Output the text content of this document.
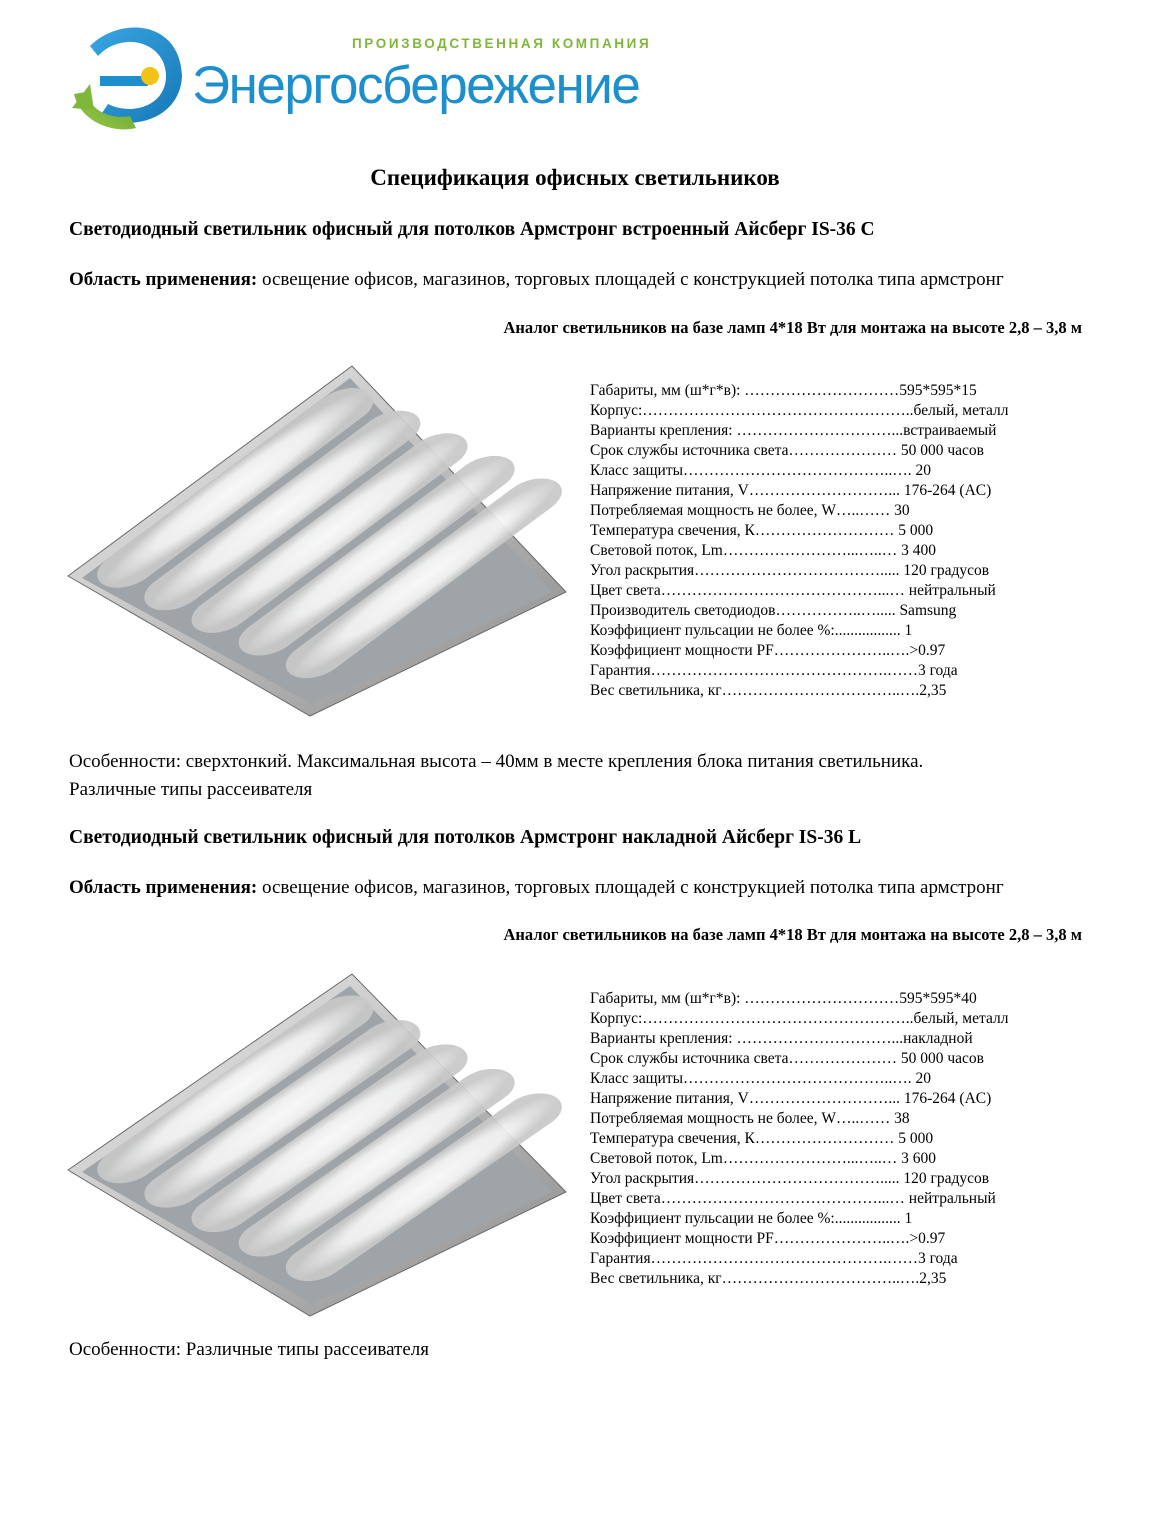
ПРОИЗВОДСТВЕННАЯ КОМПАНИЯ
Энергосбережение
Спецификация офисных светильников
Светодиодный светильник офисный для потолков Армстронг встроенный Айсберг IS-36 C
Область применения: освещение офисов, магазинов, торговых площадей с конструкцией потолка типа армстронг
Аналог светильников на базе ламп 4*18 Вт для монтажа на высоте 2,8 – 3,8 м
Габариты, мм (ш*г*в): …………………………595*595*15
Корпус:……………………………………………..белый, металл
Варианты крепления: …………………………...встраиваемый
Срок службы источника света………………… 50 000 часов
Класс защиты…………………………………..…. 20
Напряжение питания, V………………………... 176-264 (AC)
Потребляемая мощность не более, W…..…… 30
Температура свечения, К……………………… 5 000
Световой поток, Lm……………………...…..… 3 400
Угол раскрытия………………………………..... 120 градусов
Цвет света……………………………………...… нейтральный
Производитель светодиодов……………..…..... Samsung
Коэффициент пульсации не более %:................. 1
Коэффициент мощности PF…………………..….>0.97
Гарантия……………………………………….……3 года
Вес светильника, кг……………………………..….2,35
Особенности: сверхтонкий. Максимальная высота – 40мм в месте крепления блока питания светильника.
Различные типы рассеивателя
Светодиодный светильник офисный для потолков Армстронг накладной Айсберг IS-36 L
Область применения: освещение офисов, магазинов, торговых площадей с конструкцией потолка типа армстронг
Аналог светильников на базе ламп 4*18 Вт для монтажа на высоте 2,8 – 3,8 м
Габариты, мм (ш*г*в): …………………………595*595*40
Корпус:……………………………………………..белый, металл
Варианты крепления: …………………………...накладной
Срок службы источника света………………… 50 000 часов
Класс защиты…………………………………..…. 20
Напряжение питания, V………………………... 176-264 (AC)
Потребляемая мощность не более, W…..…… 38
Температура свечения, К……………………… 5 000
Световой поток, Lm……………………...…..… 3 600
Угол раскрытия………………………………..... 120 градусов
Цвет света……………………………………...… нейтральный
Коэффициент пульсации не более %:................. 1
Коэффициент мощности PF…………………..….>0.97
Гарантия……………………………………….……3 года
Вес светильника, кг……………………………..….2,35
Особенности: Различные типы рассеивателя
